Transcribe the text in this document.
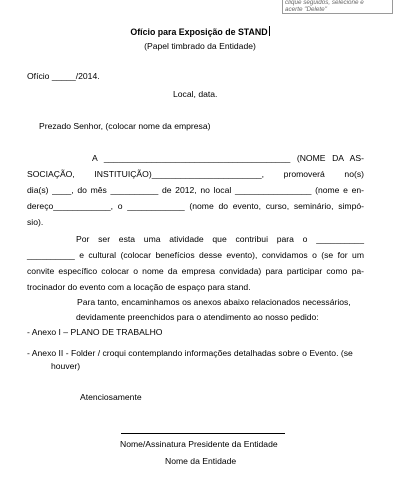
clique seguidos, selecione e
acerte "Delete"
Ofício para Exposição de STAND
(Papel timbrado da Entidade)
Ofício _____/2014.
Local, data.
Prezado Senhor, (colocar nome da empresa)
A _______________________________________ (NOME DA AS-
SOCIAÇÃO, INSTITUIÇÃO)_______________________, promoverá no(s)
dia(s) ____, do mês __________ de 2012, no local ________________ (nome e en-
dereço____________, o ____________ (nome do evento, curso, seminário, simpó-
sio).
Por ser esta uma atividade que contribui para o __________
__________ e cultural (colocar benefícios desse evento), convidamos o (se for um
convite específico colocar o nome da empresa convidada) para participar como pa-
trocinador do evento com a locação de espaço para stand.
Para tanto, encaminhamos os anexos abaixo relacionados necessários,
devidamente preenchidos para o atendimento ao nosso pedido:
- Anexo I – PLANO DE TRABALHO
- Anexo II - Folder / croqui contemplando informações detalhadas sobre o Evento. (se
houver)
Atenciosamente
Nome/Assinatura Presidente da Entidade
Nome da Entidade
